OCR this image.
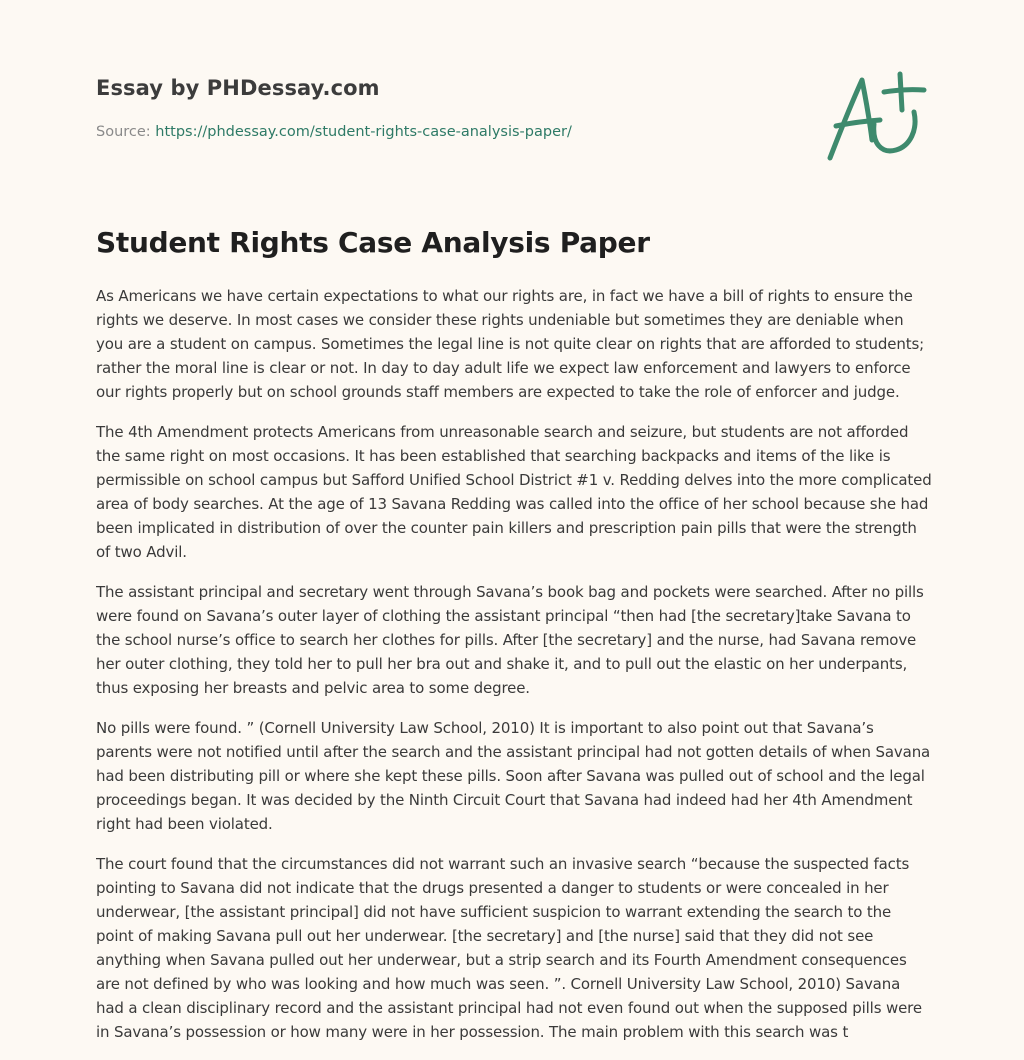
Essay by PHDessay.com
Source: https://phdessay.com/student-rights-case-analysis-paper/
Student Rights Case Analysis Paper

As Americans we have certain expectations to what our rights are, in fact we have a bill of rights to ensure the rights we deserve. In most cases we consider these rights undeniable but sometimes they are deniable when you are a student on campus. Sometimes the legal line is not quite clear on rights that are afforded to students; rather the moral line is clear or not. In day to day adult life we expect law enforcement and lawyers to enforce our rights properly but on school grounds staff members are expected to take the role of enforcer and judge.

The 4th Amendment protects Americans from unreasonable search and seizure, but students are not afforded the same right on most occasions. It has been established that searching backpacks and items of the like is permissible on school campus but Safford Unified School District #1 v. Redding delves into the more complicated area of body searches. At the age of 13 Savana Redding was called into the office of her school because she had been implicated in distribution of over the counter pain killers and prescription pain pills that were the strength of two Advil.

The assistant principal and secretary went through Savana’s book bag and pockets were searched. After no pills were found on Savana’s outer layer of clothing the assistant principal “then had [the secretary]take Savana to the school nurse’s office to search her clothes for pills. After [the secretary] and the nurse, had Savana remove her outer clothing, they told her to pull her bra out and shake it, and to pull out the elastic on her underpants, thus exposing her breasts and pelvic area to some degree.

No pills were found. ” (Cornell University Law School, 2010) It is important to also point out that Savana’s parents were not notified until after the search and the assistant principal had not gotten details of when Savana had been distributing pill or where she kept these pills. Soon after Savana was pulled out of school and the legal proceedings began. It was decided by the Ninth Circuit Court that Savana had indeed had her 4th Amendment right had been violated.

The court found that the circumstances did not warrant such an invasive search “because the suspected facts pointing to Savana did not indicate that the drugs presented a danger to students or were concealed in her underwear, [the assistant principal] did not have sufficient suspicion to warrant extending the search to the point of making Savana pull out her underwear. [the secretary] and [the nurse] said that they did not see anything when Savana pulled out her underwear, but a strip search and its Fourth Amendment consequences are not defined by who was looking and how much was seen. ”. Cornell University Law School, 2010) Savana had a clean disciplinary record and the assistant principal had not even found out when the supposed pills were in Savana’s possession or how many were in her possession. The main problem with this search was t
